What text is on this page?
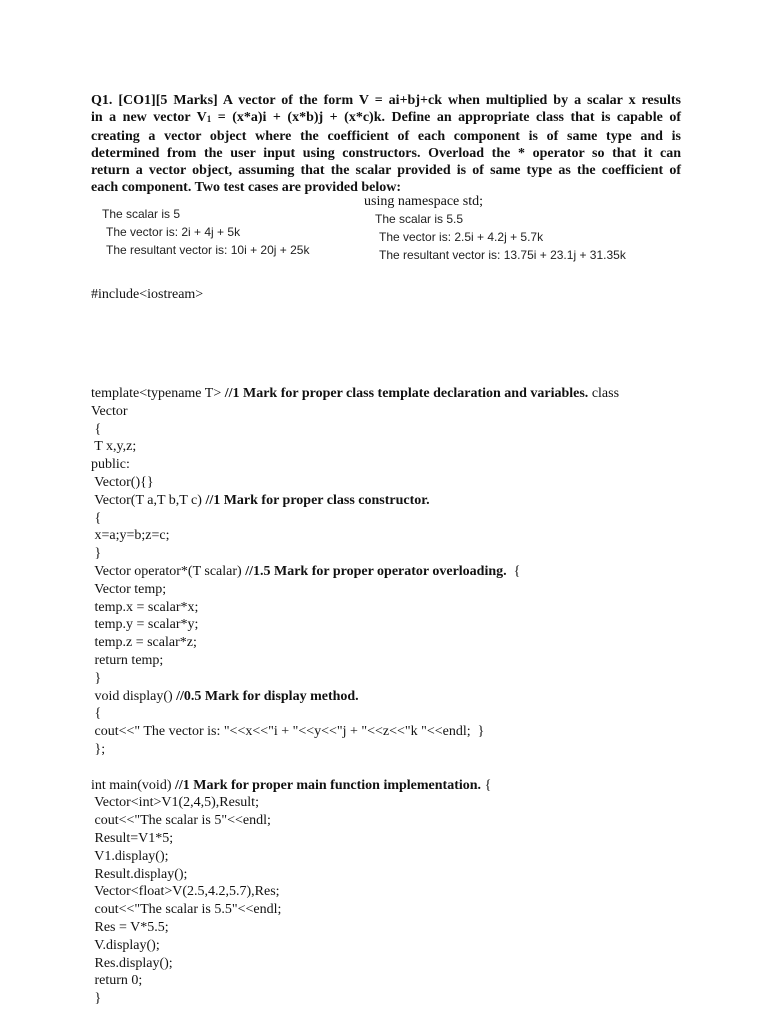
Q1. [CO1][5 Marks] A vector of the form V = ai+bj+ck when multiplied by a scalar x results
in a new vector V1 = (x*a)i + (x*b)j + (x*c)k. Define an appropriate class that is capable of
creating a vector object where the coefficient of each component is of same type and is
determined from the user input using constructors. Overload the * operator so that it can
return a vector object, assuming that the scalar provided is of same type as the coefficient of
each component. Two test cases are provided below:
The scalar is 5
The vector is: 2i + 4j + 5k
The resultant vector is: 10i + 20j + 25k
using namespace std;
The scalar is 5.5
The vector is: 2.5i + 4.2j + 5.7k
The resultant vector is: 13.75i + 23.1j + 31.35k
#include<iostream>
template<typename T> //1 Mark for proper class template declaration and variables. class
Vector
{
T x,y,z;
public:
Vector(){}
Vector(T a,T b,T c) //1 Mark for proper class constructor.
{
x=a;y=b;z=c;
}
Vector operator*(T scalar) //1.5 Mark for proper operator overloading.  {
Vector temp;
temp.x = scalar*x;
temp.y = scalar*y;
temp.z = scalar*z;
return temp;
}
void display() //0.5 Mark for display method.
{
cout<<" The vector is: "<<x<<"i + "<<y<<"j + "<<z<<"k "<<endl;  }
};

int main(void) //1 Mark for proper main function implementation. {
Vector<int>V1(2,4,5),Result;
cout<<"The scalar is 5"<<endl;
Result=V1*5;
V1.display();
Result.display();
Vector<float>V(2.5,4.2,5.7),Res;
cout<<"The scalar is 5.5"<<endl;
Res = V*5.5;
V.display();
Res.display();
return 0;
}
